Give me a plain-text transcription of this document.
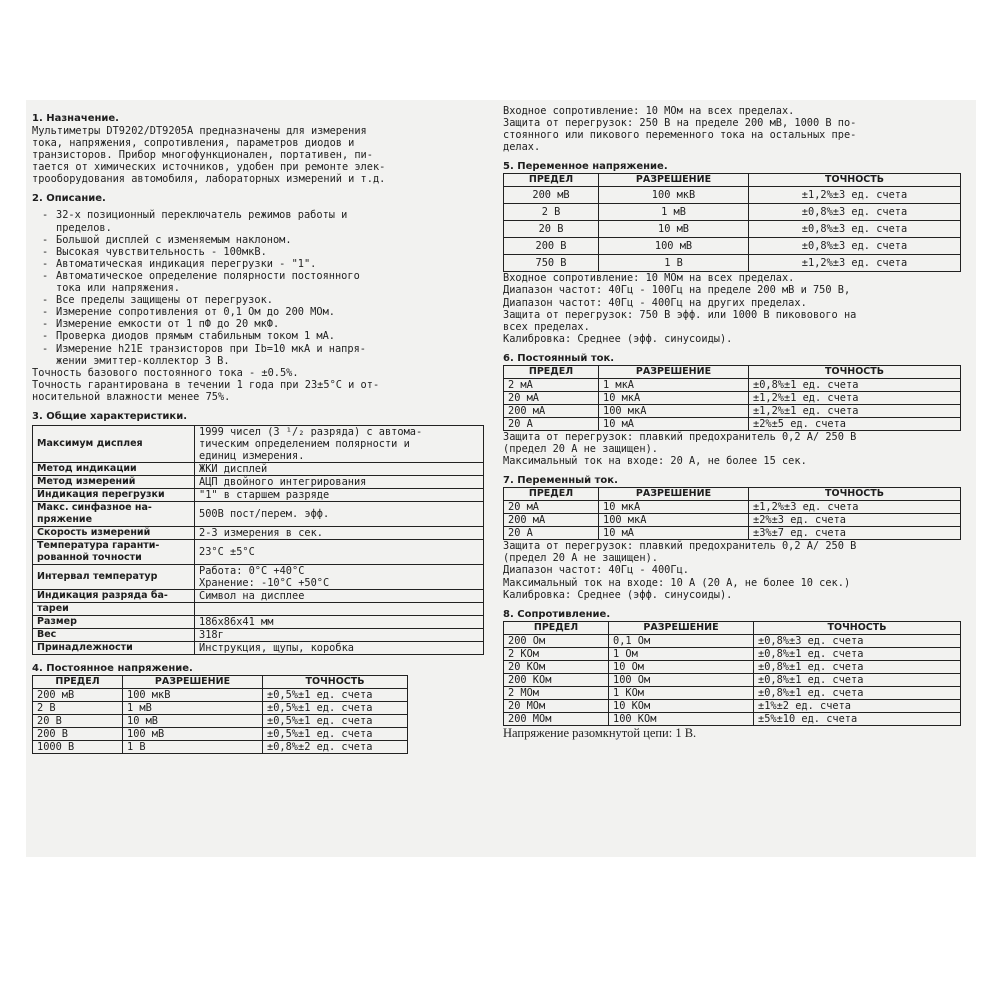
1. Назначение.

Мультиметры DT9202/DT9205A предназначены для измерения

тока, напряжения, сопротивления, параметров диодов и

транзисторов. Прибор многофункционален, портативен, пи-

тается от химических источников, удобен при ремонте элек-

трооборудования автомобиля, лабораторных измерений и т.д.

2. Описание.
- 32-х позиционный переключатель режимов работы и
пределов.
- Большой дисплей с изменяемым наклоном.
- Высокая чувствительность - 100мкВ.
- Автоматическая индикация перегрузки - "1".
- Автоматическое определение полярности постоянного
тока или напряжения.
- Все пределы защищены от перегрузок.
- Измерение сопротивления от 0,1 Ом до 200 МОм.
- Измерение емкости от 1 пФ до 20 мкФ.
- Проверка диодов прямым стабильным током 1 мА.
- Измерение h21E транзисторов при Ib=10 мкА и напря-
жении эмиттер-коллектор 3 В.

Точность базового постоянного тока - ±0.5%.

Точность гарантирована в течении 1 года при 23±5°C и от-

носительной влажности менее 75%.

3. Общие характеристики.
Максимум дисплея	1999 чисел (3 ¹/₂ разряда) с автома-
тическим определением полярности и
единиц измерения.
Метод индикации	ЖКИ дисплей
Метод измерений	АЦП двойного интегрирования
Индикация перегрузки	"1" в старшем разряде
Макс. синфазное на-
пряжение	500В пост/перем. эфф.
Скорость измерений	2-3 измерения в сек.
Температура гаранти-
рованной точности	23°C ±5°C
Интервал температур	Работа: 0°C +40°C
Хранение: -10°C +50°C
Индикация разряда ба-	Символ на дисплее
тареи	
Размер	186x86x41 мм
Вес	318г
Принадлежности	Инструкция, щупы, коробка
4. Постоянное напряжение.
ПРЕДЕЛ	РАЗРЕШЕНИЕ	ТОЧНОСТЬ
200 мВ	100 мкВ	±0,5%±1 ед. счета
2 В	1 мВ	±0,5%±1 ед. счета
20 В	10 мВ	±0,5%±1 ед. счета
200 В	100 мВ	±0,5%±1 ед. счета
1000 В	1 В	±0,8%±2 ед. счета

Входное сопротивление: 10 МОм на всех пределах.

Защита от перегрузок: 250 В на пределе 200 мВ, 1000 В по-

стоянного или пикового переменного тока на остальных пре-

делах.

5. Переменное напряжение.
ПРЕДЕЛ	РАЗРЕШЕНИЕ	ТОЧНОСТЬ
200 мВ	100 мкВ	±1,2%±3 ед. счета
2 В	1 мВ	±0,8%±3 ед. счета
20 В	10 мВ	±0,8%±3 ед. счета
200 В	100 мВ	±0,8%±3 ед. счета
750 В	1 В	±1,2%±3 ед. счета

Входное сопротивление: 10 МОм на всех пределах.

Диапазон частот: 40Гц - 100Гц на пределе 200 мВ и 750 В,

Диапазон частот: 40Гц - 400Гц на других пределах.

Защита от перегрузок: 750 В эфф. или 1000 В пиковового на

всех пределах.

Калибровка: Среднее (эфф. синусоиды).

6. Постоянный ток.
ПРЕДЕЛ	РАЗРЕШЕНИЕ	ТОЧНОСТЬ
2 мА	1 мкА	±0,8%±1 ед. счета
20 мА	10 мкА	±1,2%±1 ед. счета
200 мА	100 мкА	±1,2%±1 ед. счета
20 А	10 мА	±2%±5 ед. счета

Защита от перегрузок: плавкий предохранитель 0,2 А/ 250 В

(предел 20 А не защищен).

Максимальный ток на входе: 20 А, не более 15 сек.

7. Переменный ток.
ПРЕДЕЛ	РАЗРЕШЕНИЕ	ТОЧНОСТЬ
20 мА	10 мкА	±1,2%±3 ед. счета
200 мА	100 мкА	±2%±3 ед. счета
20 А	10 мА	±3%±7 ед. счета

Защита от перегрузок: плавкий предохранитель 0,2 А/ 250 В

(предел 20 А не защищен).

Диапазон частот: 40Гц - 400Гц.

Максимальный ток на входе: 10 А (20 А, не более 10 сек.)

Калибровка: Среднее (эфф. синусоиды).

8. Сопротивление.
ПРЕДЕЛ	РАЗРЕШЕНИЕ	ТОЧНОСТЬ
200 Ом	0,1 Ом	±0,8%±3 ед. счета
2 КОм	1 Ом	±0,8%±1 ед. счета
20 КОм	10 Ом	±0,8%±1 ед. счета
200 КОм	100 Ом	±0,8%±1 ед. счета
2 МОм	1 КОм	±0,8%±1 ед. счета
20 МОм	10 КОм	±1%±2 ед. счета
200 МОм	100 КОм	±5%±10 ед. счета
Напряжение разомкнутой цепи: 1 В.
